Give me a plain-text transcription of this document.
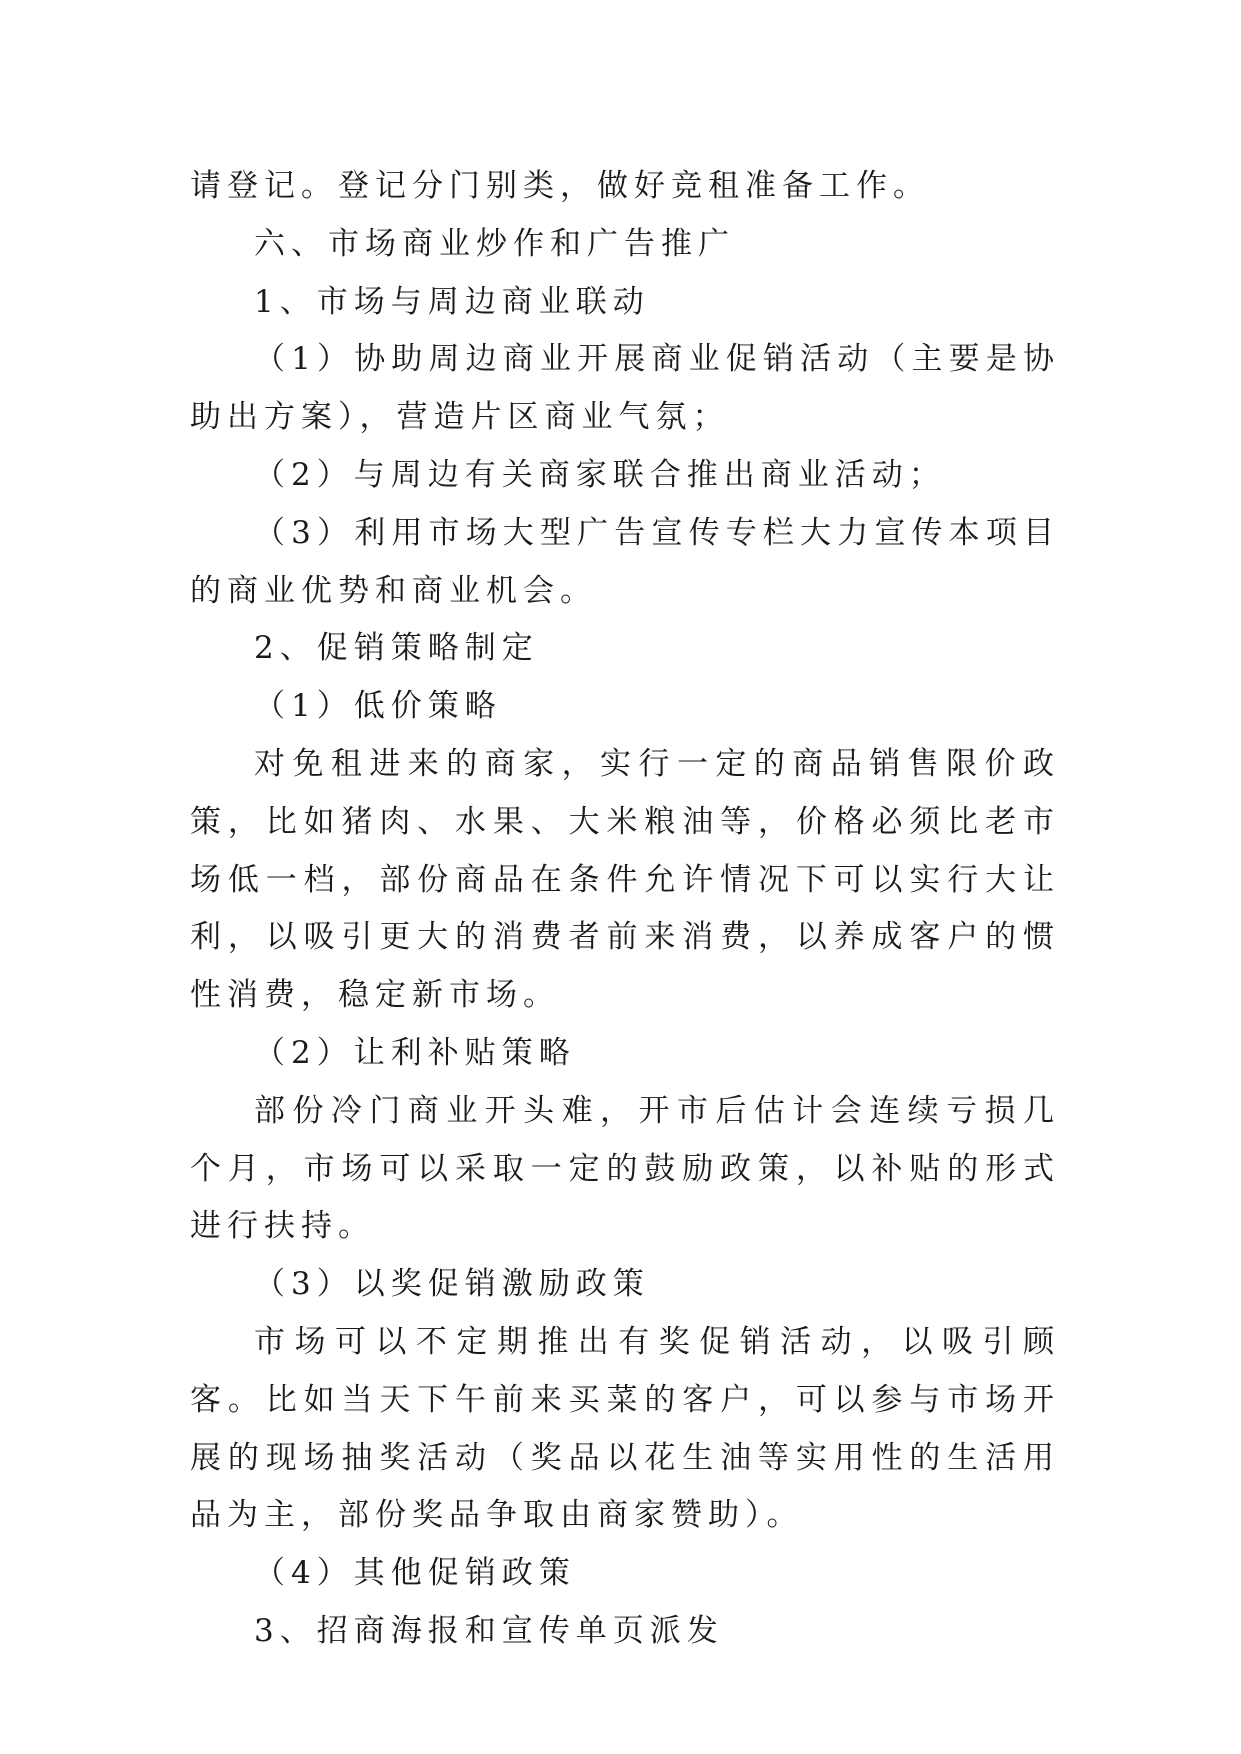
请登记。登记分门别类，做好竞租准备工作。

六、市场商业炒作和广告推广

1、市场与周边商业联动

（1）协助周边商业开展商业促销活动（主要是协助出方案），营造片区商业气氛；

（2）与周边有关商家联合推出商业活动；

（3）利用市场大型广告宣传专栏大力宣传本项目的商业优势和商业机会。

2、促销策略制定

（1）低价策略

对免租进来的商家，实行一定的商品销售限价政策，比如猪肉、水果、大米粮油等，价格必须比老市场低一档，部份商品在条件允许情况下可以实行大让利，以吸引更大的消费者前来消费，以养成客户的惯性消费，稳定新市场。

（2）让利补贴策略

部份冷门商业开头难，开市后估计会连续亏损几个月，市场可以采取一定的鼓励政策，以补贴的形式进行扶持。

（3）以奖促销激励政策

市场可以不定期推出有奖促销活动，以吸引顾客。比如当天下午前来买菜的客户，可以参与市场开展的现场抽奖活动（奖品以花生油等实用性的生活用品为主，部份奖品争取由商家赞助）。

（4）其他促销政策

3、招商海报和宣传单页派发
